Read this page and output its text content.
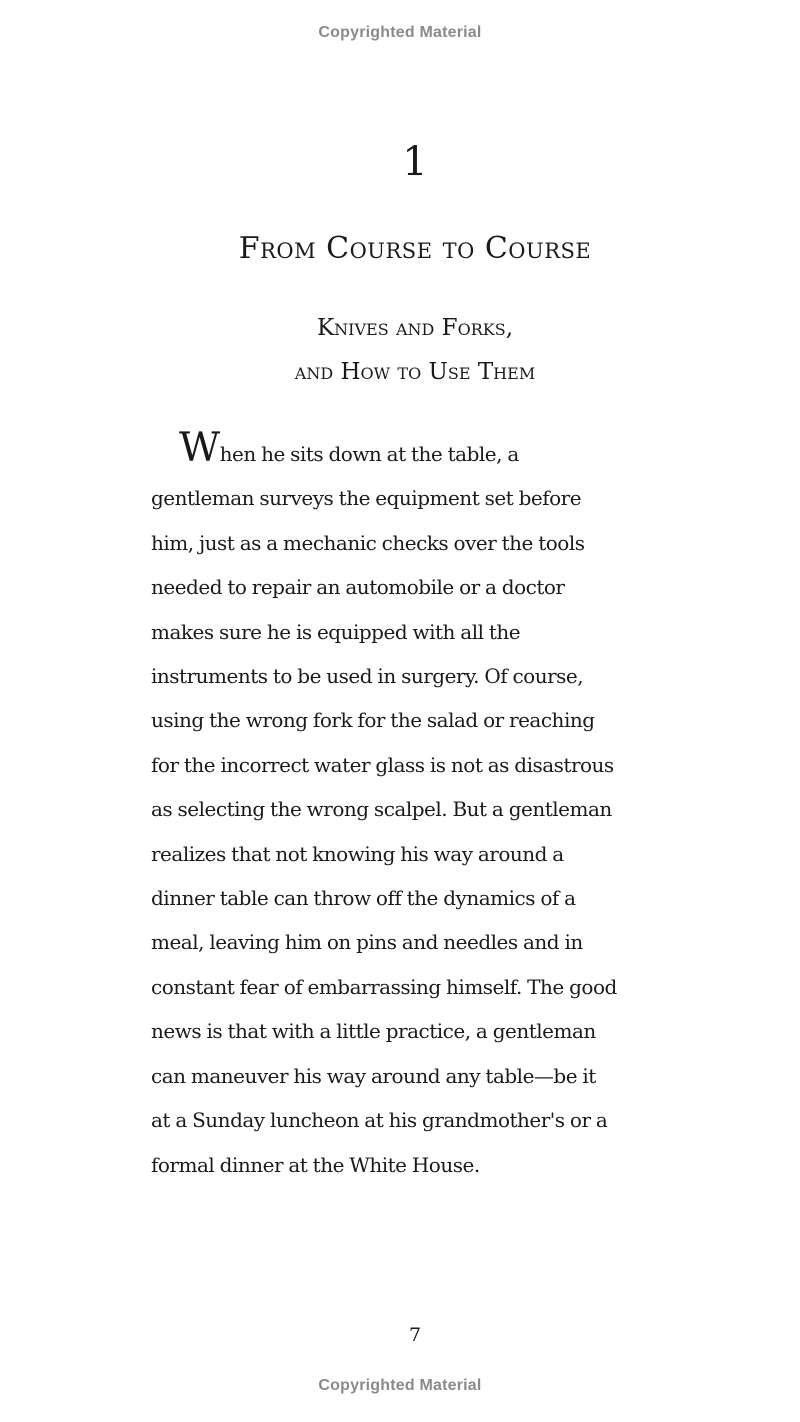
Copyrighted Material
1
From Course to Course
Knives and Forks,
and How to Use Them
When he sits down at the table, a
gentleman surveys the equipment set before
him, just as a mechanic checks over the tools
needed to repair an automobile or a doctor
makes sure he is equipped with all the
instruments to be used in surgery. Of course,
using the wrong fork for the salad or reaching
for the incorrect water glass is not as disastrous
as selecting the wrong scalpel. But a gentleman
realizes that not knowing his way around a
dinner table can throw off the dynamics of a
meal, leaving him on pins and needles and in
constant fear of embarrassing himself. The good
news is that with a little practice, a gentleman
can maneuver his way around any table—be it
at a Sunday luncheon at his grandmother's or a
formal dinner at the White House.
7
Copyrighted Material
